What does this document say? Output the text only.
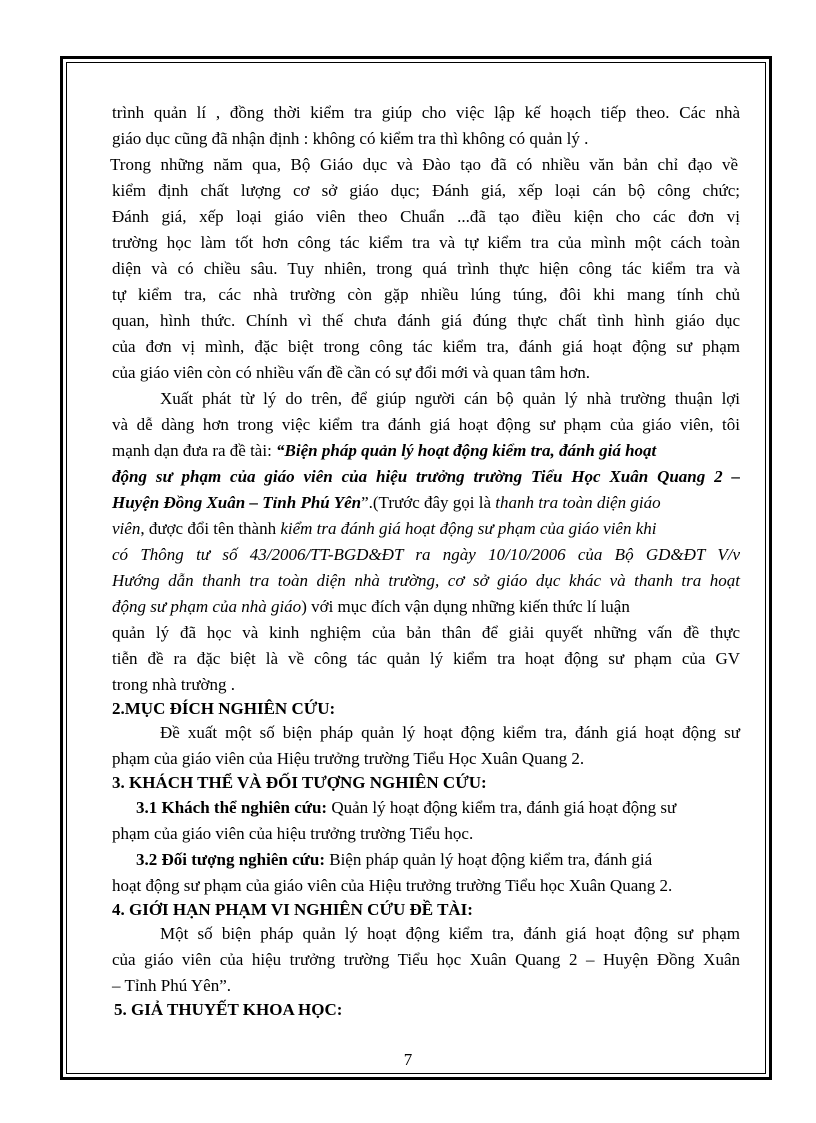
trình quản lí , đồng thời kiểm tra giúp cho việc lập kế hoạch tiếp theo. Các nhà
giáo dục cũng đã nhận định : không có kiểm tra thì không có quản lý .
Trong những năm qua, Bộ Giáo dục và Đào tạo đã có nhiều văn bản chỉ đạo về
kiểm định chất lượng cơ sở giáo dục; Đánh giá, xếp loại cán bộ công chức;
Đánh giá, xếp loại giáo viên theo Chuẩn ...đã tạo điều kiện cho các đơn vị
trường học làm tốt hơn công tác kiểm tra và tự kiểm tra của mình một cách toàn
diện và có chiều sâu. Tuy nhiên, trong quá trình thực hiện công tác kiểm tra và
tự kiểm tra, các nhà trường còn gặp nhiều lúng túng, đôi khi mang tính chủ
quan, hình thức. Chính vì thế chưa đánh giá đúng thực chất tình hình giáo dục
của đơn vị mình, đặc biệt trong công tác kiểm tra, đánh giá hoạt động sư phạm
của giáo viên còn có nhiều vấn đề cần có sự đổi mới và quan tâm hơn.
Xuất phát từ lý do trên, để giúp người cán bộ quản lý nhà trường thuận lợi
và dễ dàng hơn trong việc kiểm tra đánh giá hoạt động sư phạm của giáo viên, tôi
mạnh dạn đưa ra đề tài: “Biện pháp quản lý hoạt động kiểm tra, đánh giá hoạt
động sư phạm của giáo viên của hiệu trưởng trường Tiểu Học Xuân Quang 2 –
Huyện Đồng Xuân – Tỉnh Phú Yên”.(Trước đây gọi là thanh tra toàn diện giáo
viên, được đổi tên thành kiểm tra đánh giá hoạt động sư phạm của giáo viên khi
có Thông tư số 43/2006/TT-BGD&ĐT ra ngày 10/10/2006 của Bộ GD&ĐT V/v
Hướng dẫn thanh tra toàn diện nhà trường, cơ sở giáo dục khác và thanh tra hoạt
động sư phạm của nhà giáo) với mục đích vận dụng những kiến thức lí luận
quản lý đã học và kinh nghiệm của bản thân để giải quyết những vấn đề thực
tiễn đề ra đặc biệt là về công tác quản lý kiểm tra hoạt động sư phạm của GV
trong nhà trường .
2.MỤC ĐÍCH NGHIÊN CỨU:
Đề xuất một số biện pháp quản lý hoạt động kiểm tra, đánh giá hoạt động sư
phạm của giáo viên của Hiệu trưởng trường Tiểu Học Xuân Quang 2.
3. KHÁCH THỂ VÀ ĐỐI TƯỢNG NGHIÊN CỨU:
3.1 Khách thể nghiên cứu: Quản lý hoạt động kiểm tra, đánh giá hoạt động sư
phạm của giáo viên của hiệu trưởng trường Tiểu học.
3.2 Đối tượng nghiên cứu: Biện pháp quản lý hoạt động kiểm tra, đánh giá
hoạt động sư phạm của giáo viên của Hiệu trưởng trường Tiểu học Xuân Quang 2.
4. GIỚI HẠN PHẠM VI NGHIÊN CỨU ĐỀ TÀI:
Một số biện pháp quản lý hoạt động kiểm tra, đánh giá hoạt động sư phạm
của giáo viên của hiệu trưởng trường Tiểu học Xuân Quang 2 – Huyện Đồng Xuân
– Tỉnh Phú Yên”.
5. GIẢ THUYẾT KHOA HỌC:
7
